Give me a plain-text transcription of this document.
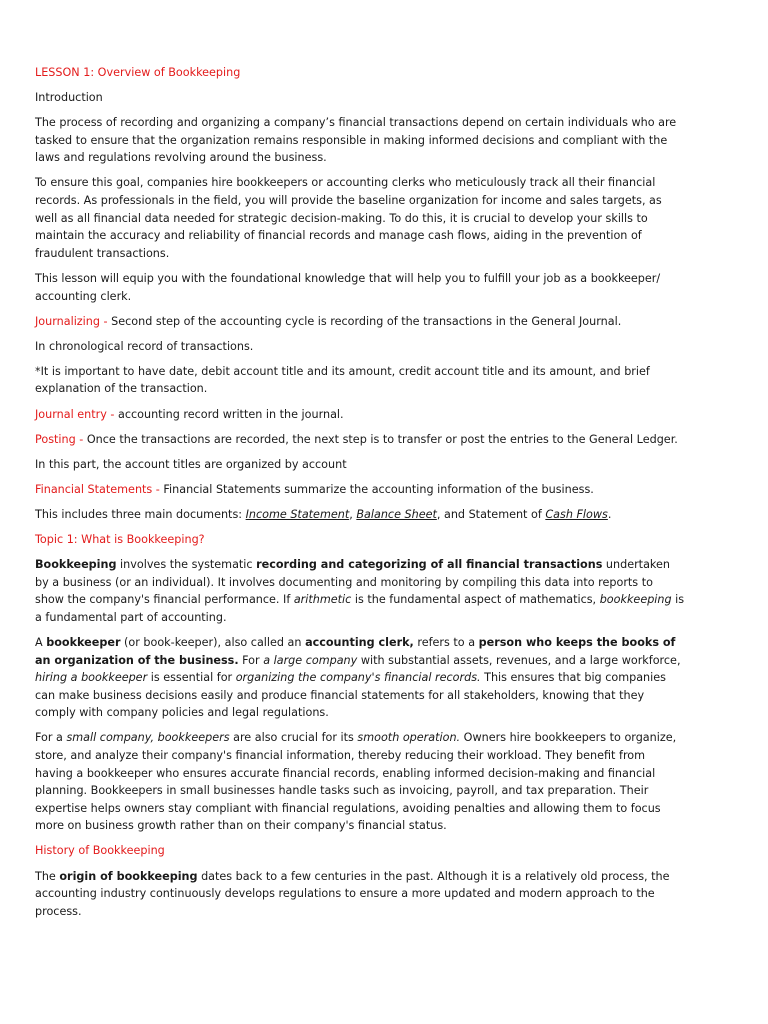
LESSON 1: Overview of Bookkeeping

Introduction

The process of recording and organizing a company’s financial transactions depend on certain individuals who are tasked to ensure that the organization remains responsible in making informed decisions and compliant with the laws and regulations revolving around the business.

To ensure this goal, companies hire bookkeepers or accounting clerks who meticulously track all their financial records. As professionals in the field, you will provide the baseline organization for income and sales targets, as well as all financial data needed for strategic decision-making. To do this, it is crucial to develop your skills to maintain the accuracy and reliability of financial records and manage cash flows, aiding in the prevention of fraudulent transactions.

This lesson will equip you with the foundational knowledge that will help you to fulfill your job as a bookkeeper/ accounting clerk.

Journalizing - Second step of the accounting cycle is recording of the transactions in the General Journal.

In chronological record of transactions.

*It is important to have date, debit account title and its amount, credit account title and its amount, and brief explanation of the transaction.

Journal entry - accounting record written in the journal.

Posting - Once the transactions are recorded, the next step is to transfer or post the entries to the General Ledger.

In this part, the account titles are organized by account

Financial Statements - Financial Statements summarize the accounting information of the business.

This includes three main documents: Income Statement, Balance Sheet, and Statement of Cash Flows.

Topic 1: What is Bookkeeping?

Bookkeeping involves the systematic recording and categorizing of all financial transactions undertaken by a business (or an individual). It involves documenting and monitoring by compiling this data into reports to show the company's financial performance. If arithmetic is the fundamental aspect of mathematics, bookkeeping is a fundamental part of accounting.

A bookkeeper (or book-keeper), also called an accounting clerk, refers to a person who keeps the books of an organization of the business. For a large company with substantial assets, revenues, and a large workforce, hiring a bookkeeper is essential for organizing the company's financial records. This ensures that big companies can make business decisions easily and produce financial statements for all stakeholders, knowing that they comply with company policies and legal regulations.

For a small company, bookkeepers are also crucial for its smooth operation. Owners hire bookkeepers to organize, store, and analyze their company's financial information, thereby reducing their workload. They benefit from having a bookkeeper who ensures accurate financial records, enabling informed decision-making and financial planning. Bookkeepers in small businesses handle tasks such as invoicing, payroll, and tax preparation. Their expertise helps owners stay compliant with financial regulations, avoiding penalties and allowing them to focus more on business growth rather than on their company's financial status.

History of Bookkeeping

The origin of bookkeeping dates back to a few centuries in the past. Although it is a relatively old process, the accounting industry continuously develops regulations to ensure a more updated and modern approach to the process.
